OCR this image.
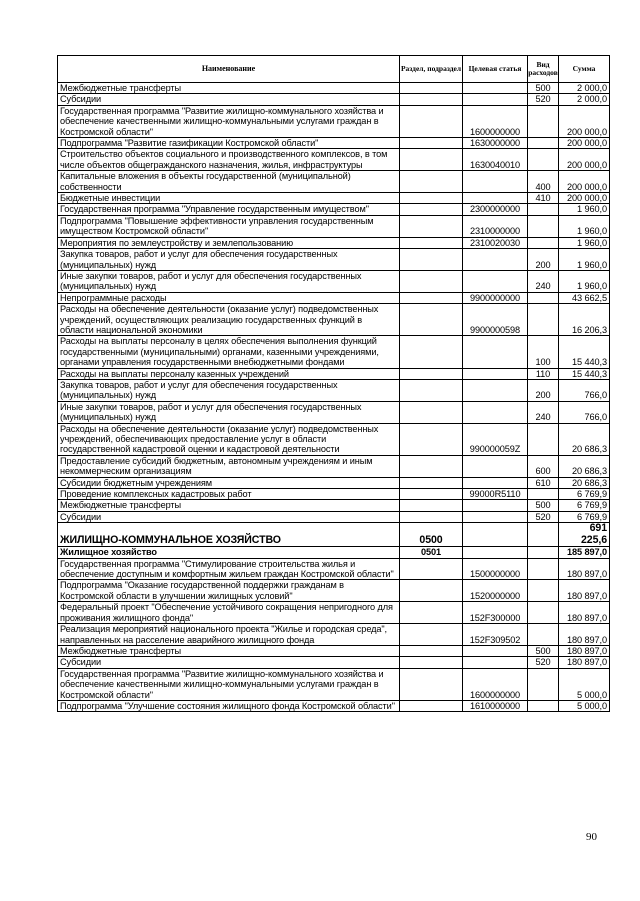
Наименование	Раздел, подраздел	Целевая статья	Вид расходов	Сумма
Межбюджетные трансферты			500	2 000,0
Субсидии			520	2 000,0
Государственная программа "Развитие жилищно-коммунального хозяйства и обеспечение качественными жилищно-коммунальными услугами граждан в Костромской области"		1600000000		200 000,0
Подпрограмма "Развитие газификации Костромской области"		1630000000		200 000,0
Строительство объектов социального и производственного комплексов, в том числе объектов общегражданского назначения, жилья, инфраструктуры		1630040010		200 000,0
Капитальные вложения в объекты государственной (муниципальной) собственности			400	200 000,0
Бюджетные инвестиции			410	200 000,0
Государственная программа "Управление государственным имуществом"		2300000000		1 960,0
Подпрограмма "Повышение эффективности управления государственным имуществом Костромской области"		2310000000		1 960,0
Мероприятия по землеустройству и землепользованию		2310020030		1 960,0
Закупка товаров, работ и услуг для обеспечения государственных (муниципальных) нужд			200	1 960,0
Иные закупки товаров, работ и услуг для обеспечения государственных (муниципальных) нужд			240	1 960,0
Непрограммные расходы		9900000000		43 662,5
Расходы на обеспечение деятельности (оказание услуг) подведомственных учреждений, осуществляющих реализацию государственных функций в области национальной экономики		9900000598		16 206,3
Расходы на выплаты персоналу в целях обеспечения выполнения функций государственными (муниципальными) органами, казенными учреждениями, органами управления государственными внебюджетными фондами			100	15 440,3
Расходы на выплаты персоналу казенных учреждений			110	15 440,3
Закупка товаров, работ и услуг для обеспечения государственных (муниципальных) нужд			200	766,0
Иные закупки товаров, работ и услуг для обеспечения государственных (муниципальных) нужд			240	766,0
Расходы на обеспечение деятельности (оказание услуг) подведомственных учреждений, обеспечивающих предоставление услуг в области государственной кадастровой оценки и кадастровой деятельности		990000059Z		20 686,3
Предоставление субсидий бюджетным, автономным учреждениям и иным некоммерческим организациям			600	20 686,3
Субсидии бюджетным учреждениям			610	20 686,3
Проведение комплексных кадастровых работ		99000R5110		6 769,9
Межбюджетные трансферты			500	6 769,9
Субсидии			520	6 769,9
ЖИЛИЩНО-КОММУНАЛЬНОЕ ХОЗЯЙСТВО	0500			691 225,6
Жилищное хозяйство	0501			185 897,0
Государственная программа "Стимулирование строительства жилья и обеспечение доступным и комфортным жильем граждан Костромской области"		1500000000		180 897,0
Подпрограмма "Оказание государственной поддержки гражданам в Костромской области в улучшении жилищных условий"		1520000000		180 897,0
Федеральный проект "Обеспечение устойчивого сокращения непригодного для проживания жилищного фонда"		152F300000		180 897,0
Реализация мероприятий национального проекта "Жилье и городская среда", направленных на расселение аварийного жилищного фонда		152F309502		180 897,0
Межбюджетные трансферты			500	180 897,0
Субсидии			520	180 897,0
Государственная программа "Развитие жилищно-коммунального хозяйства и обеспечение качественными жилищно-коммунальными услугами граждан в Костромской области"		1600000000		5 000,0
Подпрограмма "Улучшение состояния жилищного фонда Костромской области"		1610000000		5 000,0
90
